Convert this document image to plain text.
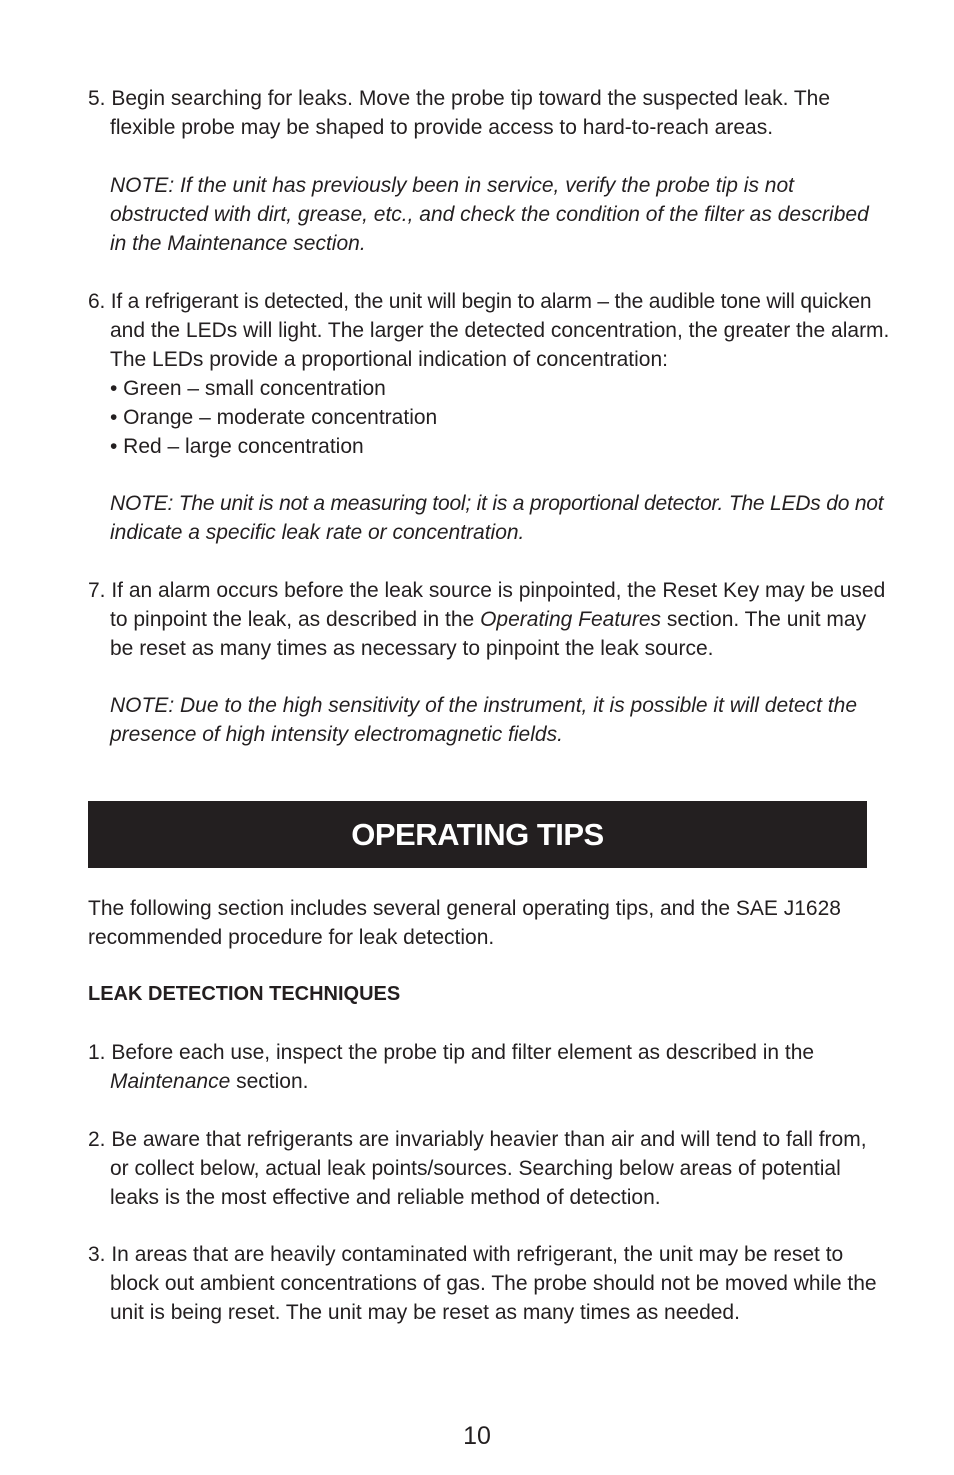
5. Begin searching for leaks. Move the probe tip toward the suspected leak. The
flexible probe may be shaped to provide access to hard-to-reach areas.
NOTE: If the unit has previously been in service, verify the probe tip is not
obstructed with dirt, grease, etc., and check the condition of the filter as described
in the Maintenance section.
6. If a refrigerant is detected, the unit will begin to alarm – the audible tone will quicken
and the LEDs will light. The larger the detected concentration, the greater the alarm.
The LEDs provide a proportional indication of concentration:
• Green – small concentration
• Orange – moderate concentration
• Red – large concentration
NOTE: The unit is not a measuring tool; it is a proportional detector. The LEDs do not
indicate a specific leak rate or concentration.
7. If an alarm occurs before the leak source is pinpointed, the Reset Key may be used
to pinpoint the leak, as described in the Operating Features section. The unit may
be reset as many times as necessary to pinpoint the leak source.
NOTE: Due to the high sensitivity of the instrument, it is possible it will detect the
presence of high intensity electromagnetic fields.
OPERATING TIPS
The following section includes several general operating tips, and the SAE J1628
recommended procedure for leak detection.
LEAK DETECTION TECHNIQUES
1. Before each use, inspect the probe tip and filter element as described in the
Maintenance section.
2. Be aware that refrigerants are invariably heavier than air and will tend to fall from,
or collect below, actual leak points/sources. Searching below areas of potential
leaks is the most effective and reliable method of detection.
3. In areas that are heavily contaminated with refrigerant, the unit may be reset to
block out ambient concentrations of gas. The probe should not be moved while the
unit is being reset. The unit may be reset as many times as needed.
10
